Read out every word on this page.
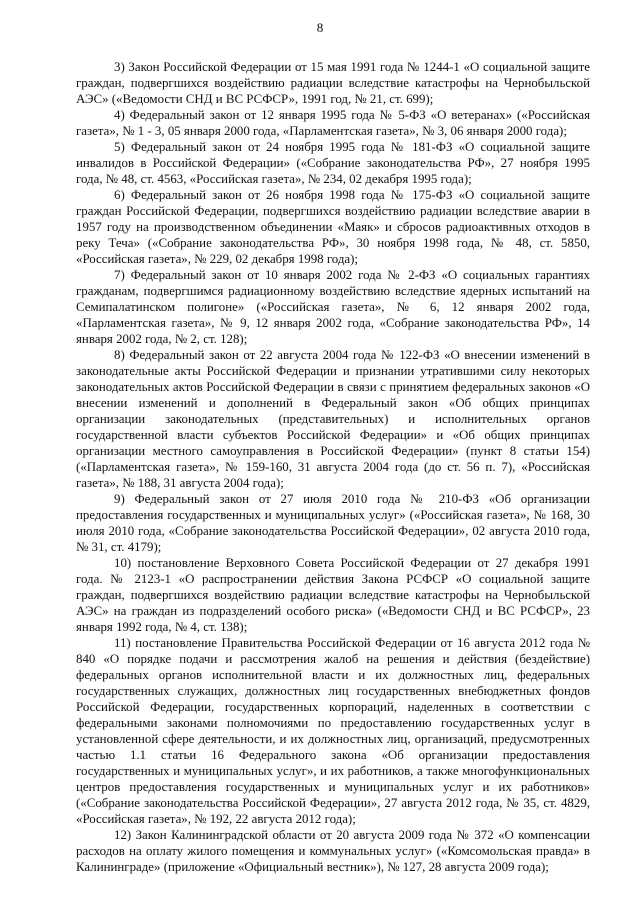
8

3) Закон Российской Федерации от 15 мая 1991 года № 1244-1 «О социальной защите граждан, подвергшихся воздействию радиации вследствие катастрофы на Чернобыльской АЭС» («Ведомости СНД и ВС РСФСР», 1991 год, № 21, ст. 699);

4) Федеральный закон от 12 января 1995 года № 5-ФЗ «О ветеранах» («Российская газета», № 1 - 3, 05 января 2000 года, «Парламентская газета», № 3, 06 января 2000 года);

5) Федеральный закон от 24 ноября 1995 года № 181-ФЗ «О социальной защите инвалидов в Российской Федерации» («Собрание законодательства РФ», 27 ноября 1995 года, № 48, ст. 4563, «Российская газета», № 234, 02 декабря 1995 года);

6) Федеральный закон от 26 ноября 1998 года № 175-ФЗ «О социальной защите граждан Российской Федерации, подвергшихся воздействию радиации вследствие аварии в 1957 году на производственном объединении «Маяк» и сбросов радиоактивных отходов в реку Теча» («Собрание законодательства РФ», 30 ноября 1998 года, № 48, ст. 5850, «Российская газета», № 229, 02 декабря 1998 года);

7) Федеральный закон от 10 января 2002 года № 2-ФЗ «О социальных гарантиях гражданам, подвергшимся радиационному воздействию вследствие ядерных испытаний на Семипалатинском полигоне» («Российская газета», № 6, 12 января 2002 года, «Парламентская газета», № 9, 12 января 2002 года, «Собрание законодательства РФ», 14 января 2002 года, № 2, ст. 128);

8) Федеральный закон от 22 августа 2004 года № 122-ФЗ «О внесении изменений в законодательные акты Российской Федерации и признании утратившими силу некоторых законодательных актов Российской Федерации в связи с принятием федеральных законов «О внесении изменений и дополнений в Федеральный закон «Об общих принципах организации законодательных (представительных) и исполнительных органов государственной власти субъектов Российской Федерации» и «Об общих принципах организации местного самоуправления в Российской Федерации» (пункт 8 статьи 154) («Парламентская газета», № 159-160, 31 августа 2004 года (до ст. 56 п. 7), «Российская газета», № 188, 31 августа 2004 года);

9) Федеральный закон от 27 июля 2010 года № 210-ФЗ «Об организации предоставления государственных и муниципальных услуг» («Российская газета», № 168, 30 июля 2010 года, «Собрание законодательства Российской Федерации», 02 августа 2010 года, № 31, ст. 4179);

10) постановление Верховного Совета Российской Федерации от 27 декабря 1991 года. № 2123-1 «О распространении действия Закона РСФСР «О социальной защите граждан, подвергшихся воздействию радиации вследствие катастрофы на Чернобыльской АЭС» на граждан из подразделений особого риска» («Ведомости СНД и ВС РСФСР», 23 января 1992 года, № 4, ст. 138);

11) постановление Правительства Российской Федерации от 16 августа 2012 года № 840 «О порядке подачи и рассмотрения жалоб на решения и действия (бездействие) федеральных органов исполнительной власти и их должностных лиц, федеральных государственных служащих, должностных лиц государственных внебюджетных фондов Российской Федерации, государственных корпораций, наделенных в соответствии с федеральными законами полномочиями по предоставлению государственных услуг в установленной сфере деятельности, и их должностных лиц, организаций, предусмотренных частью 1.1 статьи 16 Федерального закона «Об организации предоставления государственных и муниципальных услуг», и их работников, а также многофункциональных центров предоставления государственных и муниципальных услуг и их работников» («Собрание законодательства Российской Федерации», 27 августа 2012 года, № 35, ст. 4829, «Российская газета», № 192, 22 августа 2012 года);

12) Закон Калининградской области от 20 августа 2009 года № 372 «О компенсации расходов на оплату жилого помещения и коммунальных услуг» («Комсомольская правда» в Калининграде» (приложение «Официальный вестник»), № 127, 28 августа 2009 года);
